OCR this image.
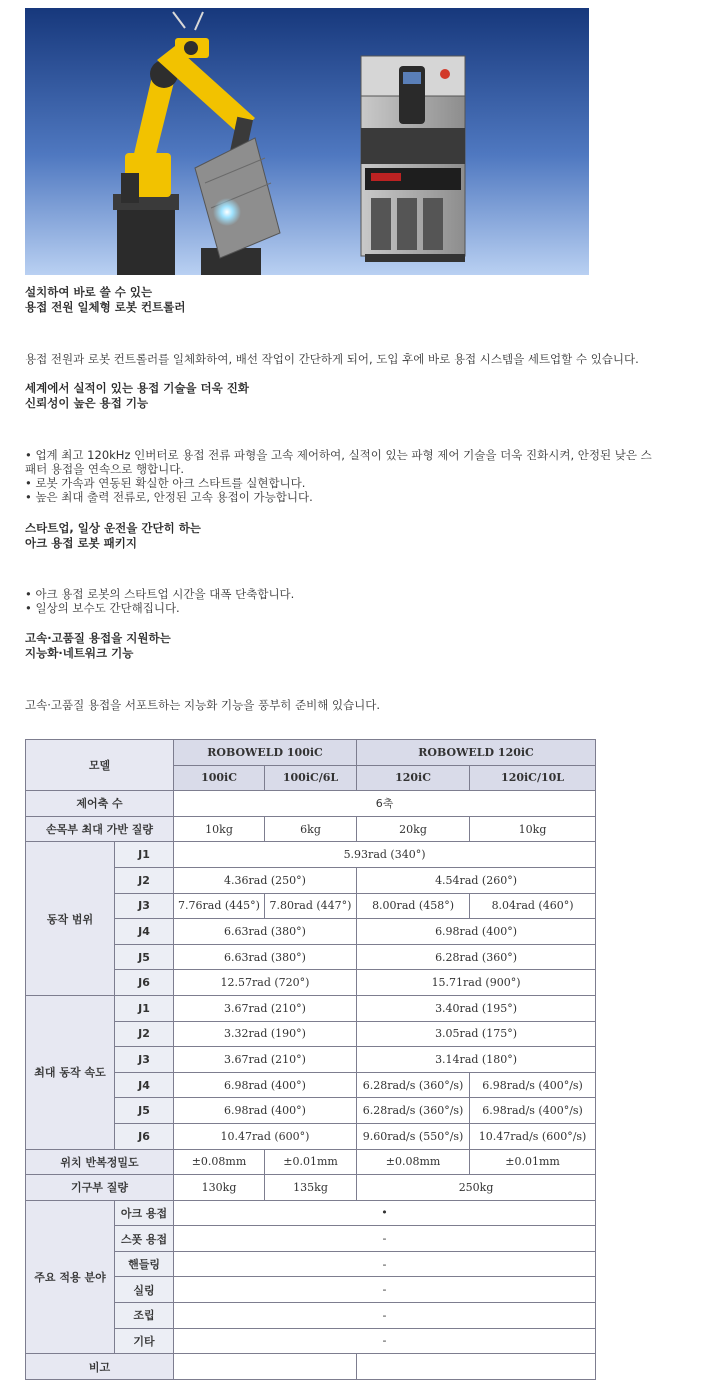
설치하여 바로 쓸 수 있는
용접 전원 일체형 로봇 컨트롤러
용접 전원과 로봇 컨트롤러를 일체화하여, 배선 작업이 간단하게 되어, 도입 후에 바로 용접 시스템을 세트업할 수 있습니다.
세계에서 실적이 있는 용접 기술을 더욱 진화
신뢰성이 높은 용접 기능
• 업계 최고 120kHz 인버터로 용접 전류 파형을 고속 제어하여, 실적이 있는 파형 제어 기술을 더욱 진화시켜, 안정된 낮은 스
패터 용접을 연속으로 행합니다.
• 로봇 가속과 연동된 확실한 아크 스타트를 실현합니다.
• 높은 최대 출력 전류로, 안정된 고속 용접이 가능합니다.
스타트업, 일상 운전을 간단히 하는
아크 용접 로봇 패키지
• 아크 용접 로봇의 스타트업 시간을 대폭 단축합니다.
• 일상의 보수도 간단해집니다.
고속·고품질 용접을 지원하는
지능화·네트워크 기능
고속·고품질 용접을 서포트하는 지능화 기능을 풍부히 준비해 있습니다.
모델		ROBOWELD 100iC		ROBOWELD 120iC	
		100iC	100iC/6L	120iC	120iC/10L
제어축 수		6축			
손목부 최대 가반 질량		10kg	6kg	20kg	10kg
동작 범위	J1	5.93rad (340°)			
	J2	4.36rad (250°)		4.54rad (260°)	
	J3	7.76rad (445°)	7.80rad (447°)	8.00rad (458°)	8.04rad (460°)
	J4	6.63rad (380°)		6.98rad (400°)	
	J5	6.63rad (380°)		6.28rad (360°)	
	J6	12.57rad (720°)		15.71rad (900°)	
최대 동작 속도	J1	3.67rad (210°)		3.40rad (195°)	
	J2	3.32rad (190°)		3.05rad (175°)	
	J3	3.67rad (210°)		3.14rad (180°)	
	J4	6.98rad (400°)		6.28rad/s (360°/s)	6.98rad/s (400°/s)
	J5	6.98rad (400°)		6.28rad/s (360°/s)	6.98rad/s (400°/s)
	J6	10.47rad (600°)		9.60rad/s (550°/s)	10.47rad/s (600°/s)
위치 반복정밀도		±0.08mm	±0.01mm	±0.08mm	±0.01mm
기구부 질량		130kg	135kg	250kg	
주요 적용 분야	아크 용접	•			
	스폿 용접	-			
	핸들링	-			
	실링	-			
	조립	-			
	기타	-			
비고					
